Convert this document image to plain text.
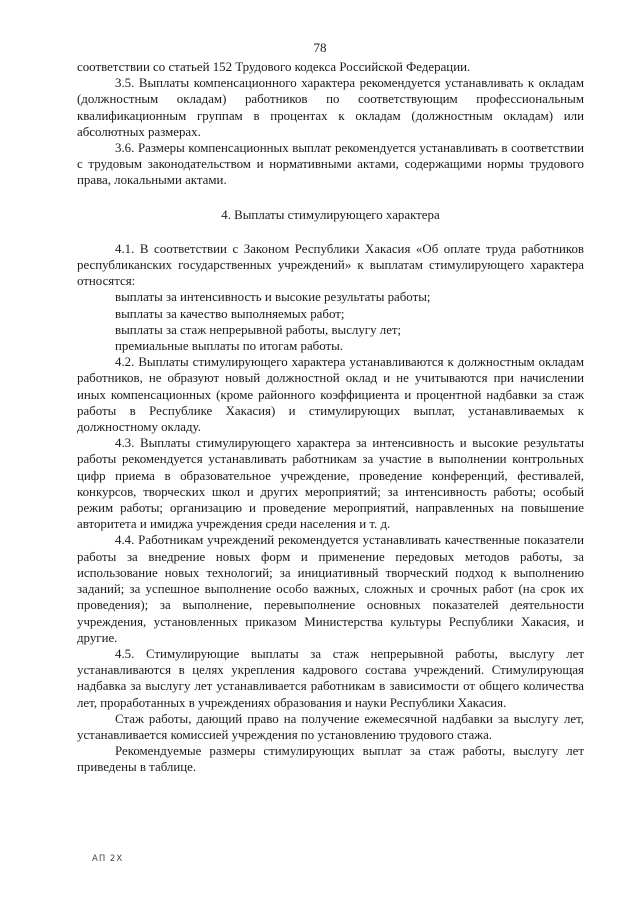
78

соответствии со статьей 152 Трудового кодекса Российской Федерации.

3.5. Выплаты компенсационного характера рекомендуется устанавливать к окладам (должностным окладам) работников по соответствующим профессиональным квалификационным группам в процентах к окладам (должностным окладам) или абсолютных размерах.

3.6. Размеры компенсационных выплат рекомендуется устанавливать в соответствии с трудовым законодательством и нормативными актами, содержащими нормы трудового права, локальными актами.

4. Выплаты стимулирующего характера

4.1. В соответствии с Законом Республики Хакасия «Об оплате труда работников республиканских государственных учреждений» к выплатам стимулирующего характера относятся:

выплаты за интенсивность и высокие результаты работы;

выплаты за качество выполняемых работ;

выплаты за стаж непрерывной работы, выслугу лет;

премиальные выплаты по итогам работы.

4.2. Выплаты стимулирующего характера устанавливаются к должностным окладам работников, не образуют новый должностной оклад и не учитываются при начислении иных компенсационных (кроме районного коэффициента и процентной надбавки за стаж работы в Республике Хакасия) и стимулирующих выплат, устанавливаемых к должностному окладу.

4.3. Выплаты стимулирующего характера за интенсивность и высокие результаты работы рекомендуется устанавливать работникам за участие в выполнении контрольных цифр приема в образовательное учреждение, проведение конференций, фестивалей, конкурсов, творческих школ и других мероприятий; за интенсивность работы; особый режим работы; организацию и проведение мероприятий, направленных на повышение авторитета и имиджа учреждения среди населения и т. д.

4.4. Работникам учреждений рекомендуется устанавливать качественные показатели работы за внедрение новых форм и применение передовых методов работы, за использование новых технологий; за инициативный творческий подход к выполнению заданий; за успешное выполнение особо важных, сложных и срочных работ (на срок их проведения); за выполнение, перевыполнение основных показателей деятельности учреждения, установленных приказом Министерства культуры Республики Хакасия, и другие.

4.5. Стимулирующие выплаты за стаж непрерывной работы, выслугу лет устанавливаются в целях укрепления кадрового состава учреждений. Стимулирующая надбавка за выслугу лет устанавливается работникам в зависимости от общего количества лет, проработанных в учреждениях образования и науки Республики Хакасия.

Стаж работы, дающий право на получение ежемесячной надбавки за выслугу лет, устанавливается комиссией учреждения по установлению трудового стажа.

Рекомендуемые размеры стимулирующих выплат за стаж работы, выслугу лет приведены в таблице.

АП 2Х
